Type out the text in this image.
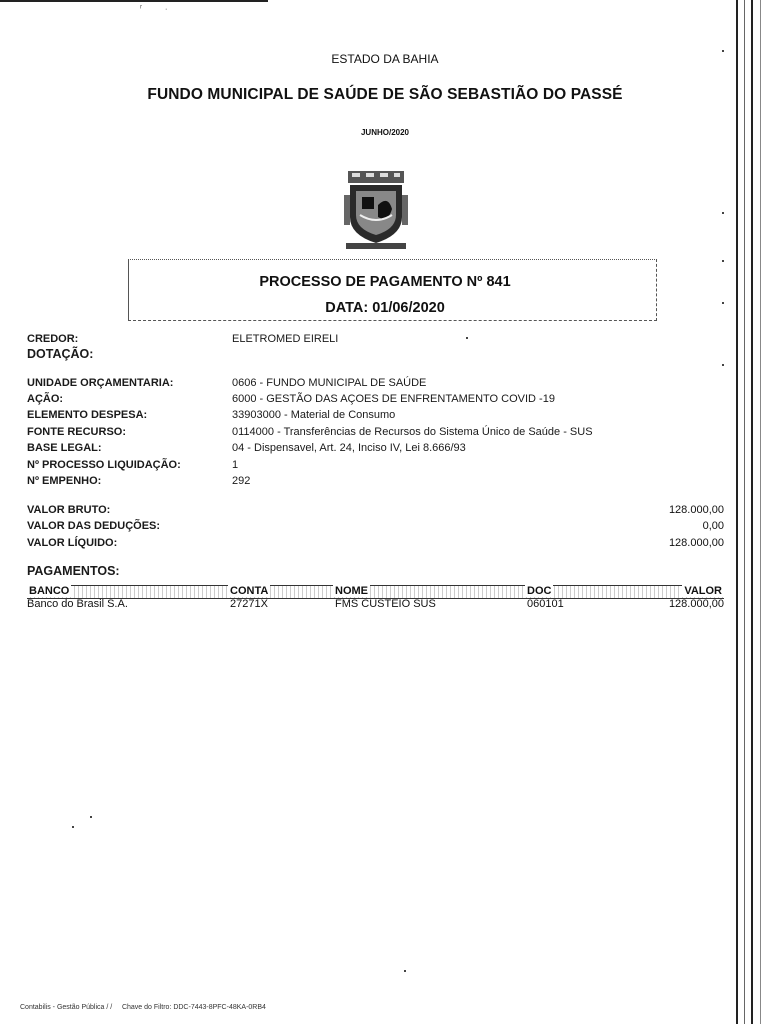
ᵣ         ˌ
ESTADO DA BAHIA
FUNDO MUNICIPAL DE SAÚDE DE SÃO SEBASTIÃO DO PASSÉ
JUNHO/2020
PROCESSO DE PAGAMENTO Nº 841
DATA: 01/06/2020
CREDOR:	ELETROMED EIRELI
DOTAÇÃO:
UNIDADE ORÇAMENTARIA:	0606 - FUNDO MUNICIPAL DE SAÚDE
AÇÃO:	6000 - GESTÃO DAS AÇOES DE ENFRENTAMENTO COVID -19
ELEMENTO DESPESA:	33903000 - Material de Consumo
FONTE RECURSO:	0114000 - Transferências de Recursos do Sistema Único de Saúde - SUS
BASE LEGAL:	04 - Dispensavel, Art. 24, Inciso IV, Lei 8.666/93
Nº PROCESSO LIQUIDAÇÃO:	1
Nº EMPENHO:	292
VALOR BRUTO:	128.000,00
VALOR DAS DEDUÇÕES:	0,00
VALOR LÍQUIDO:	128.000,00
PAGAMENTOS:
BANCO	CONTA	NOME	DOC	VALOR
Banco do Brasil S.A.	27271X	FMS CUSTEIO SUS	060101	128.000,00
Contabilis - Gestão Pública / / Chave do Filtro: DDC-7443-8PFC-48KA-0RB4
